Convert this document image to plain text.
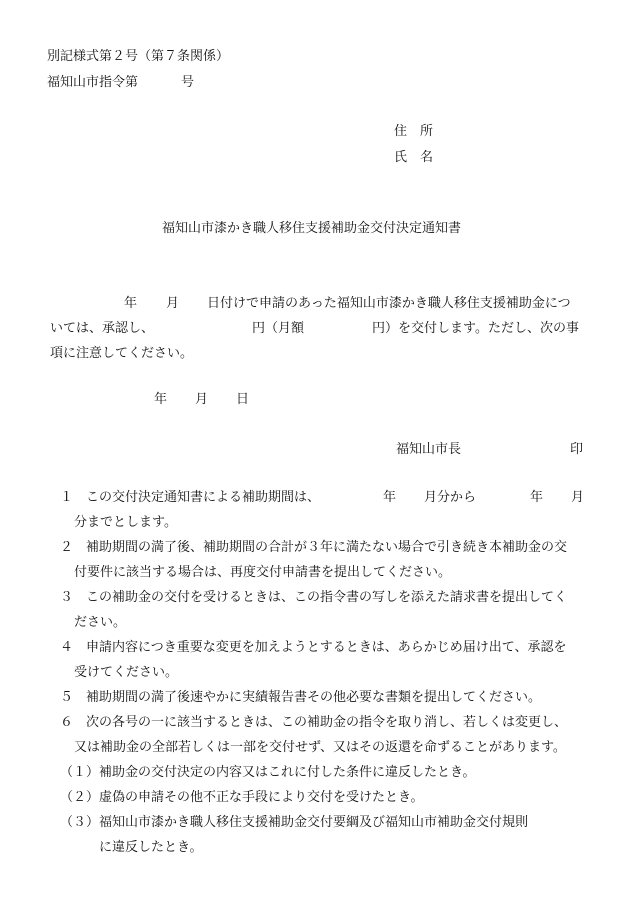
別記様式第２号（第７条関係）
福知山市指令第	号
住　所
氏　名
福知山市漆かき職人移住支援補助金交付決定通知書
年 月 日付けで申請のあった福知山市漆かき職人移住支援補助金につ
いては、承認し、	円（月額	円）を交付します。ただし、次の事
項に注意してください。
年 月 日
福知山市長	印
１　この交付決定通知書による補助期間は、	年 月分から	年 月
分までとします。
２　補助期間の満了後、補助期間の合計が３年に満たない場合で引き続き本補助金の交
付要件に該当する場合は、再度交付申請書を提出してください。
３　この補助金の交付を受けるときは、この指令書の写しを添えた請求書を提出してく
ださい。
４　申請内容につき重要な変更を加えようとするときは、あらかじめ届け出て、承認を
受けてください。
５　補助期間の満了後速やかに実績報告書その他必要な書類を提出してください。
６　次の各号の一に該当するときは、この補助金の指令を取り消し、若しくは変更し、
又は補助金の全部若しくは一部を交付せず、又はその返還を命ずることがあります。
（１）補助金の交付決定の内容又はこれに付した条件に違反したとき。
（２）虚偽の申請その他不正な手段により交付を受けたとき。
（３）福知山市漆かき職人移住支援補助金交付要綱及び福知山市補助金交付規則
に違反したとき。
